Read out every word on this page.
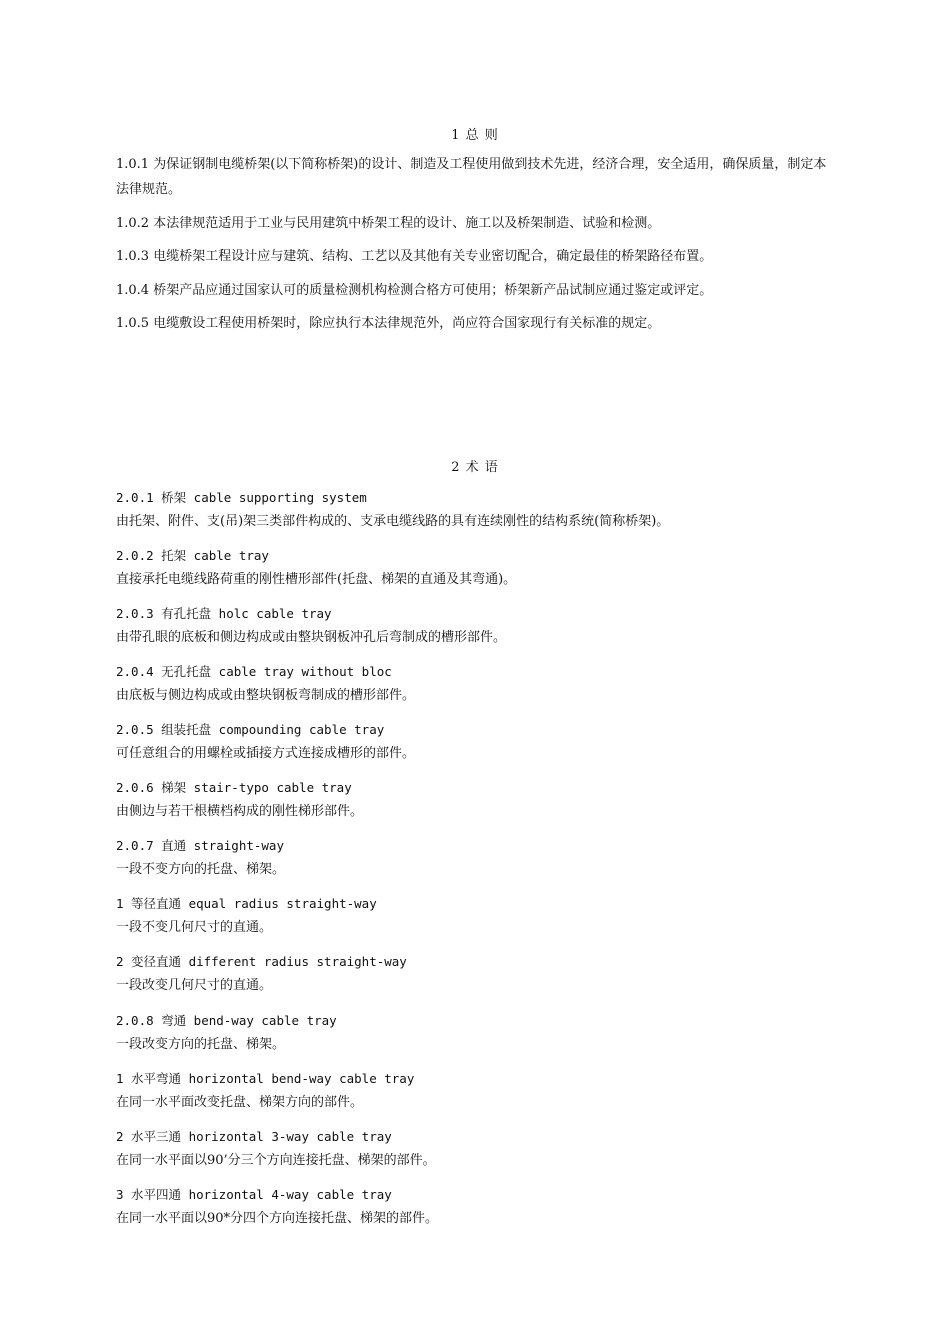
1 总 则
1.0.1 为保证钢制电缆桥架(以下简称桥架)的设计、制造及工程使用做到技术先进，经济合理，安全适用，确保质量，制定本法律规范。
1.0.2 本法律规范适用于工业与民用建筑中桥架工程的设计、施工以及桥架制造、试验和检测。
1.0.3 电缆桥架工程设计应与建筑、结构、工艺以及其他有关专业密切配合，确定最佳的桥架路径布置。
1.0.4 桥架产品应通过国家认可的质量检测机构检测合格方可使用；桥架新产品试制应通过鉴定或评定。
1.0.5 电缆敷设工程使用桥架时，除应执行本法律规范外，尚应符合国家现行有关标准的规定。
2 术 语
2.0.1 桥架 cable supporting system
由托架、附件、支(吊)架三类部件构成的、支承电缆线路的具有连续刚性的结构系统(简称桥架)。
2.0.2 托架 cable tray
直接承托电缆线路荷重的刚性槽形部件(托盘、梯架的直通及其弯通)。
2.0.3 有孔托盘 holc cable tray
由带孔眼的底板和侧边构成或由整块钢板冲孔后弯制成的槽形部件。
2.0.4 无孔托盘 cable tray without bloc
由底板与侧边构成或由整块钢板弯制成的槽形部件。
2.0.5 组装托盘 compounding cable tray
可任意组合的用螺栓或插接方式连接成槽形的部件。
2.0.6 梯架 stair-typo cable tray
由侧边与若干根横档构成的刚性梯形部件。
2.0.7 直通 straight-way
一段不变方向的托盘、梯架。
1 等径直通 equal radius straight-way
一段不变几何尺寸的直通。
2 变径直通 different radius straight-way
一段改变几何尺寸的直通。
2.0.8 弯通 bend-way cable tray
一段改变方向的托盘、梯架。
1 水平弯通 horizontal bend-way cable tray
在同一水平面改变托盘、梯架方向的部件。
2 水平三通 horizontal 3-way cable tray
在同一水平面以90’分三个方向连接托盘、梯架的部件。
3 水平四通 horizontal 4-way cable tray
在同一水平面以90*分四个方向连接托盘、梯架的部件。
